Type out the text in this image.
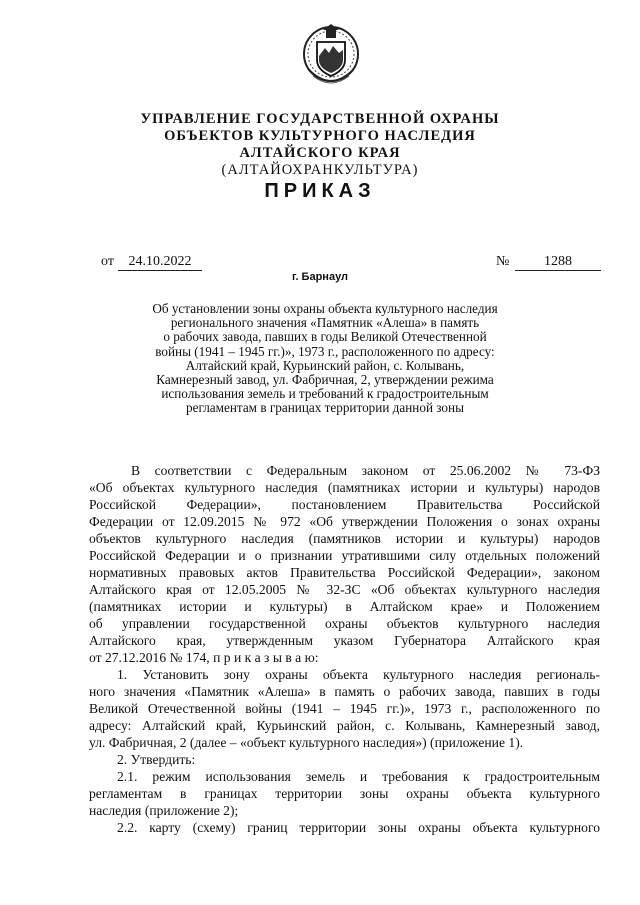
УПРАВЛЕНИЕ ГОСУДАРСТВЕННОЙ ОХРАНЫ
ОБЪЕКТОВ КУЛЬТУРНОГО НАСЛЕДИЯ
АЛТАЙСКОГО КРАЯ
(АЛТАЙОХРАНКУЛЬТУРА)
ПРИКАЗ
от	24.10.2022	№	1288
г. Барнаул
Об установлении зоны охраны объекта культурного наследия
регионального значения «Памятник «Алеша» в память
о рабочих завода, павших в годы Великой Отечественной
войны (1941 – 1945 гг.)», 1973 г., расположенного по адресу:
Алтайский край, Курьинский район, с. Колывань,
Камнерезный завод, ул. Фабричная, 2, утверждении режима
использования земель и требований к градостроительным
регламентам в границах территории данной зоны
В соответствии с Федеральным законом от 25.06.2002 № 73-ФЗ
«Об объектах культурного наследия (памятниках истории и культуры) народов
Российской Федерации», постановлением Правительства Российской
Федерации от 12.09.2015 № 972 «Об утверждении Положения о зонах охраны
объектов культурного наследия (памятников истории и культуры) народов
Российской Федерации и о признании утратившими силу отдельных положений
нормативных правовых актов Правительства Российской Федерации», законом
Алтайского края от 12.05.2005 № 32-ЗС «Об объектах культурного наследия
(памятниках истории и культуры) в Алтайском крае» и Положением
об управлении государственной охраны объектов культурного наследия
Алтайского края, утвержденным указом Губернатора Алтайского края
от 27.12.2016 № 174, п р и к а з ы в а ю:
1. Установить зону охраны объекта культурного наследия региональ-
ного значения «Памятник «Алеша» в память о рабочих завода, павших в годы
Великой Отечественной войны (1941 – 1945 гг.)», 1973 г., расположенного по
адресу: Алтайский край, Курьинский район, с. Колывань, Камнерезный завод,
ул. Фабричная, 2 (далее – «объект культурного наследия») (приложение 1).
2. Утвердить:
2.1. режим использования земель и требования к градостроительным
регламентам в границах территории зоны охраны объекта культурного
наследия (приложение 2);
2.2. карту (схему) границ территории зоны охраны объекта культурного
